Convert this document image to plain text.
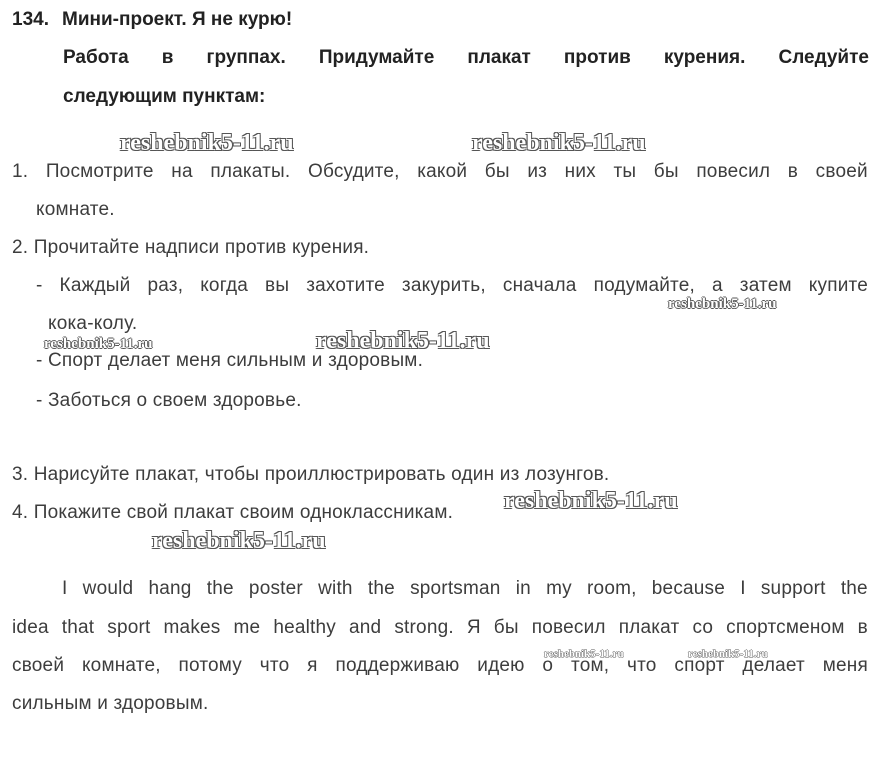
134. Мини-проект. Я не курю!
Работа в группах. Придумайте плакат против курения. Следуйте
следующим пунктам:
1. Посмотрите на плакаты. Обсудите, какой бы из них ты бы повесил в своей
комнате.
2. Прочитайте надписи против курения.
- Каждый раз, когда вы захотите закурить, сначала подумайте, а затем купите
кока-колу.
- Спорт делает меня сильным и здоровым.
- Заботься о своем здоровье.
3. Нарисуйте плакат, чтобы проиллюстрировать один из лозунгов.
4. Покажите свой плакат своим одноклассникам.
I would hang the poster with the sportsman in my room, because I support the
idea that sport makes me healthy and strong. Я бы повесил плакат со спортсменом в
своей комнате, потому что я поддерживаю идею о том, что спорт делает меня
сильным и здоровым.
reshebnik5-11.ru	reshebnik5-11.ru
reshebnik5-11.ru
reshebnik5-11.ru	reshebnik5-11.ru
reshebnik5-11.ru
reshebnik5-11.ru
reshebnik5-11.ru	reshebnik5-11.ru
